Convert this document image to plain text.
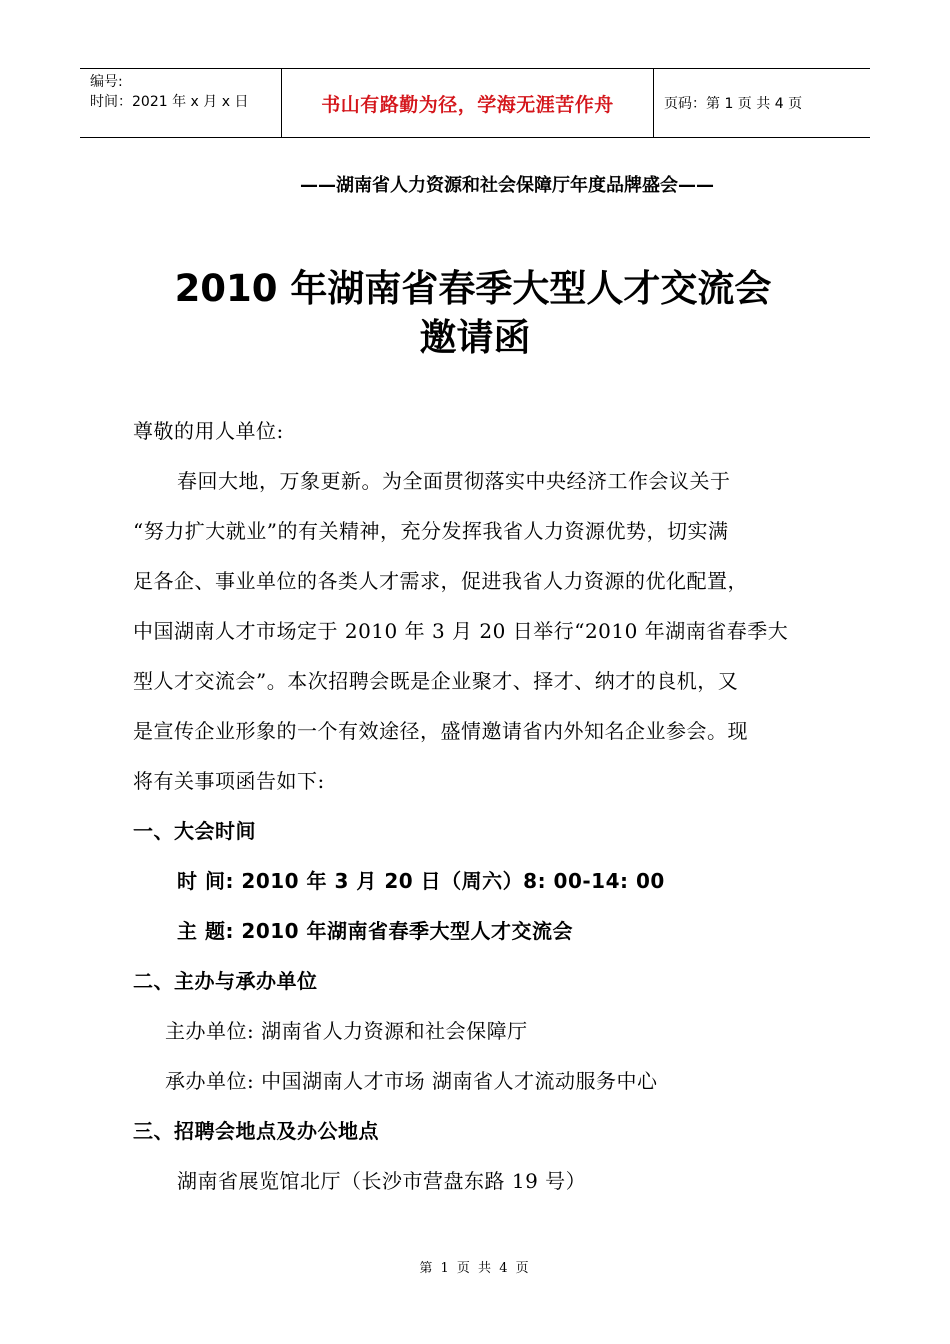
编号:
时间：2021 年 x 月 x 日	书山有路勤为径，学海无涯苦作舟	页码：第 1 页 共 4 页
——湖南省人力资源和社会保障厅年度品牌盛会——
2010 年湖南省春季大型人才交流会
邀请函
尊敬的用人单位:
春回大地，万象更新。为全面贯彻落实中央经济工作会议关于
“努力扩大就业”的有关精神，充分发挥我省人力资源优势，切实满
足各企、事业单位的各类人才需求，促进我省人力资源的优化配置，
中国湖南人才市场定于 2010 年 3 月 20 日举行“2010 年湖南省春季大
型人才交流会”。本次招聘会既是企业聚才、择才、纳才的良机，又
是宣传企业形象的一个有效途径，盛情邀请省内外知名企业参会。现
将有关事项函告如下:
一、大会时间
时 间: 2010 年 3 月 20 日（周六）8: 00-14: 00
主 题: 2010 年湖南省春季大型人才交流会
二、主办与承办单位
主办单位: 湖南省人力资源和社会保障厅
承办单位: 中国湖南人才市场 湖南省人才流动服务中心
三、招聘会地点及办公地点
湖南省展览馆北厅（长沙市营盘东路 19 号）
第 1 页 共 4 页
